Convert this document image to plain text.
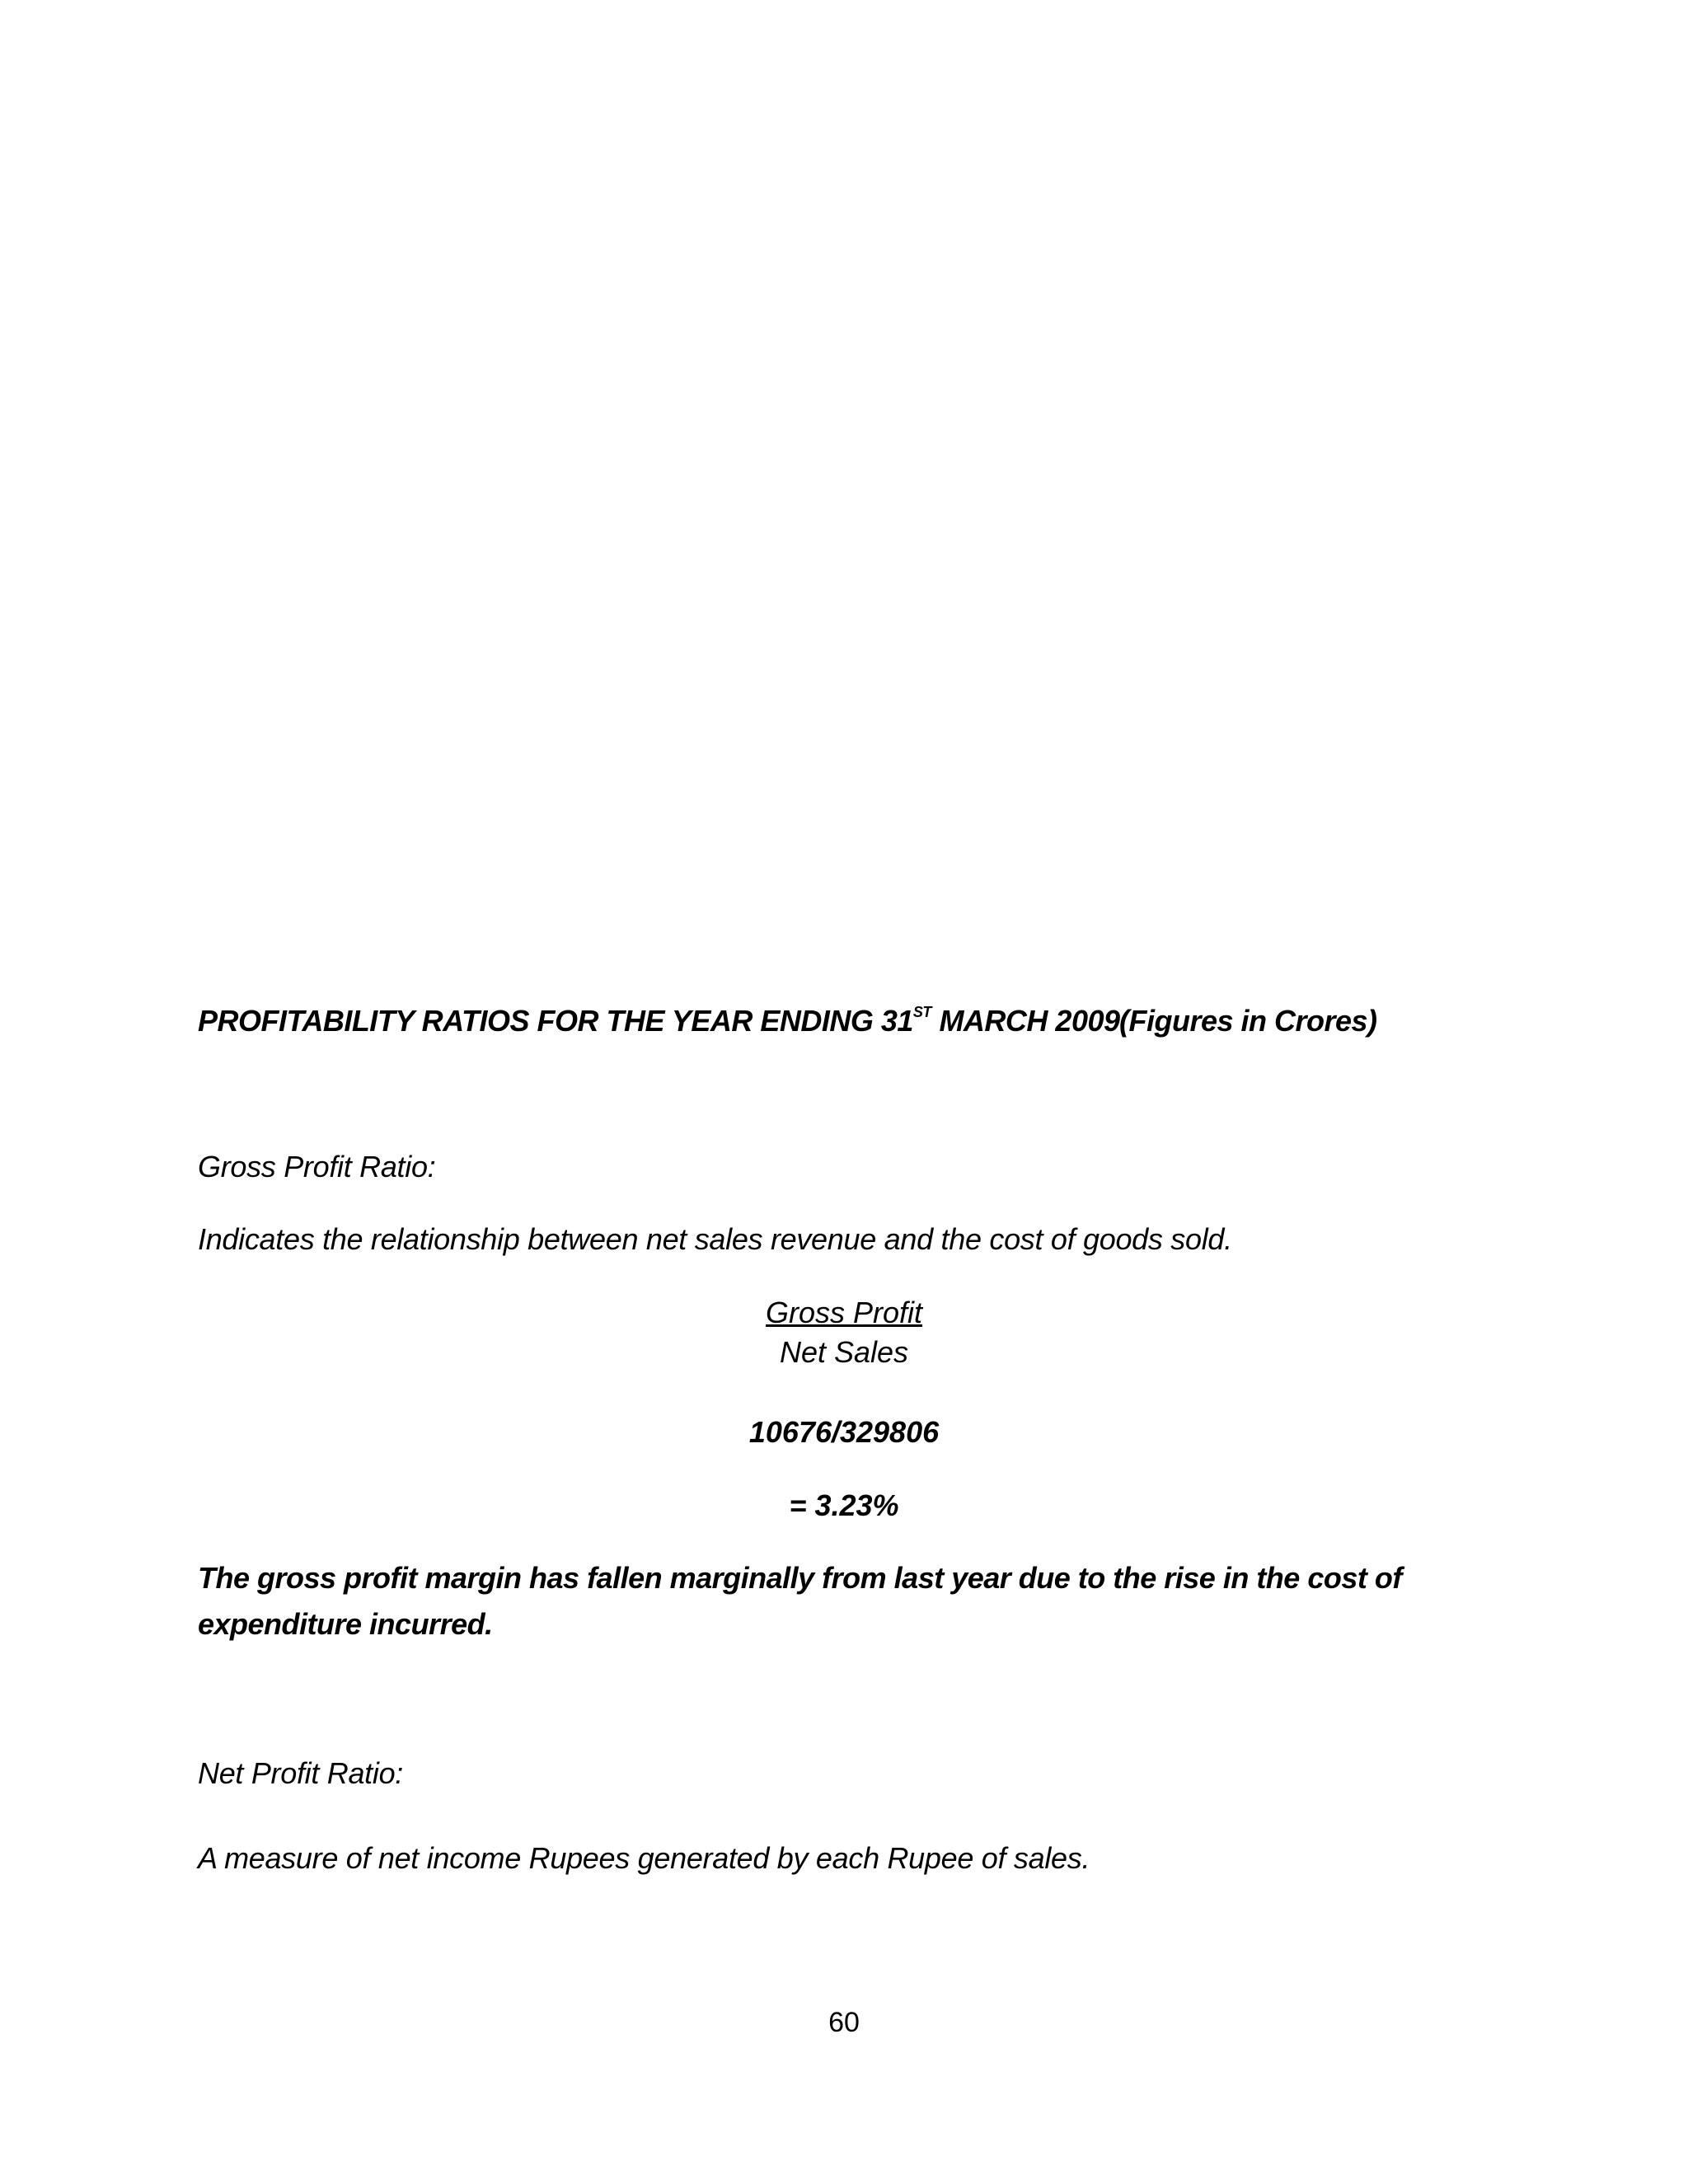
PROFITABILITY RATIOS FOR THE YEAR ENDING 31ST MARCH 2009 (Figures in Crores)
Gross Profit Ratio:
Indicates the relationship between net sales revenue and the cost of goods sold.
Gross Profit
Net Sales
10676/329806
= 3.23%
The gross profit margin has fallen marginally from last year due to the rise in the cost of
expenditure incurred.
Net Profit Ratio:
A measure of net income Rupees generated by each Rupee of sales.
60
